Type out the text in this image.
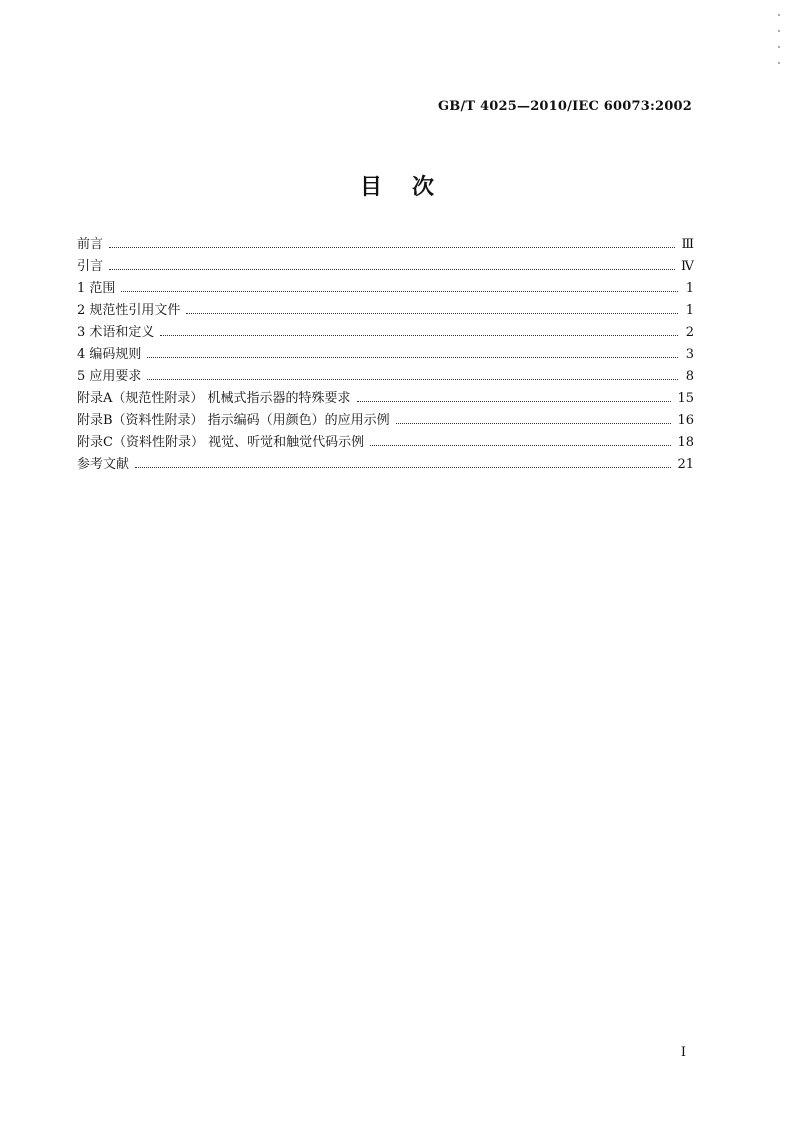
GB/T 4025—2010/IEC 60073:2002
目次
前言	Ⅲ
引言	Ⅳ
1 范围	1
2 规范性引用文件	1
3 术语和定义	2
4 编码规则	3
5 应用要求	8
附录A（规范性附录） 机械式指示器的特殊要求	15
附录B（资料性附录） 指示编码（用颜色）的应用示例	16
附录C（资料性附录） 视觉、听觉和触觉代码示例	18
参考文献	21
I
